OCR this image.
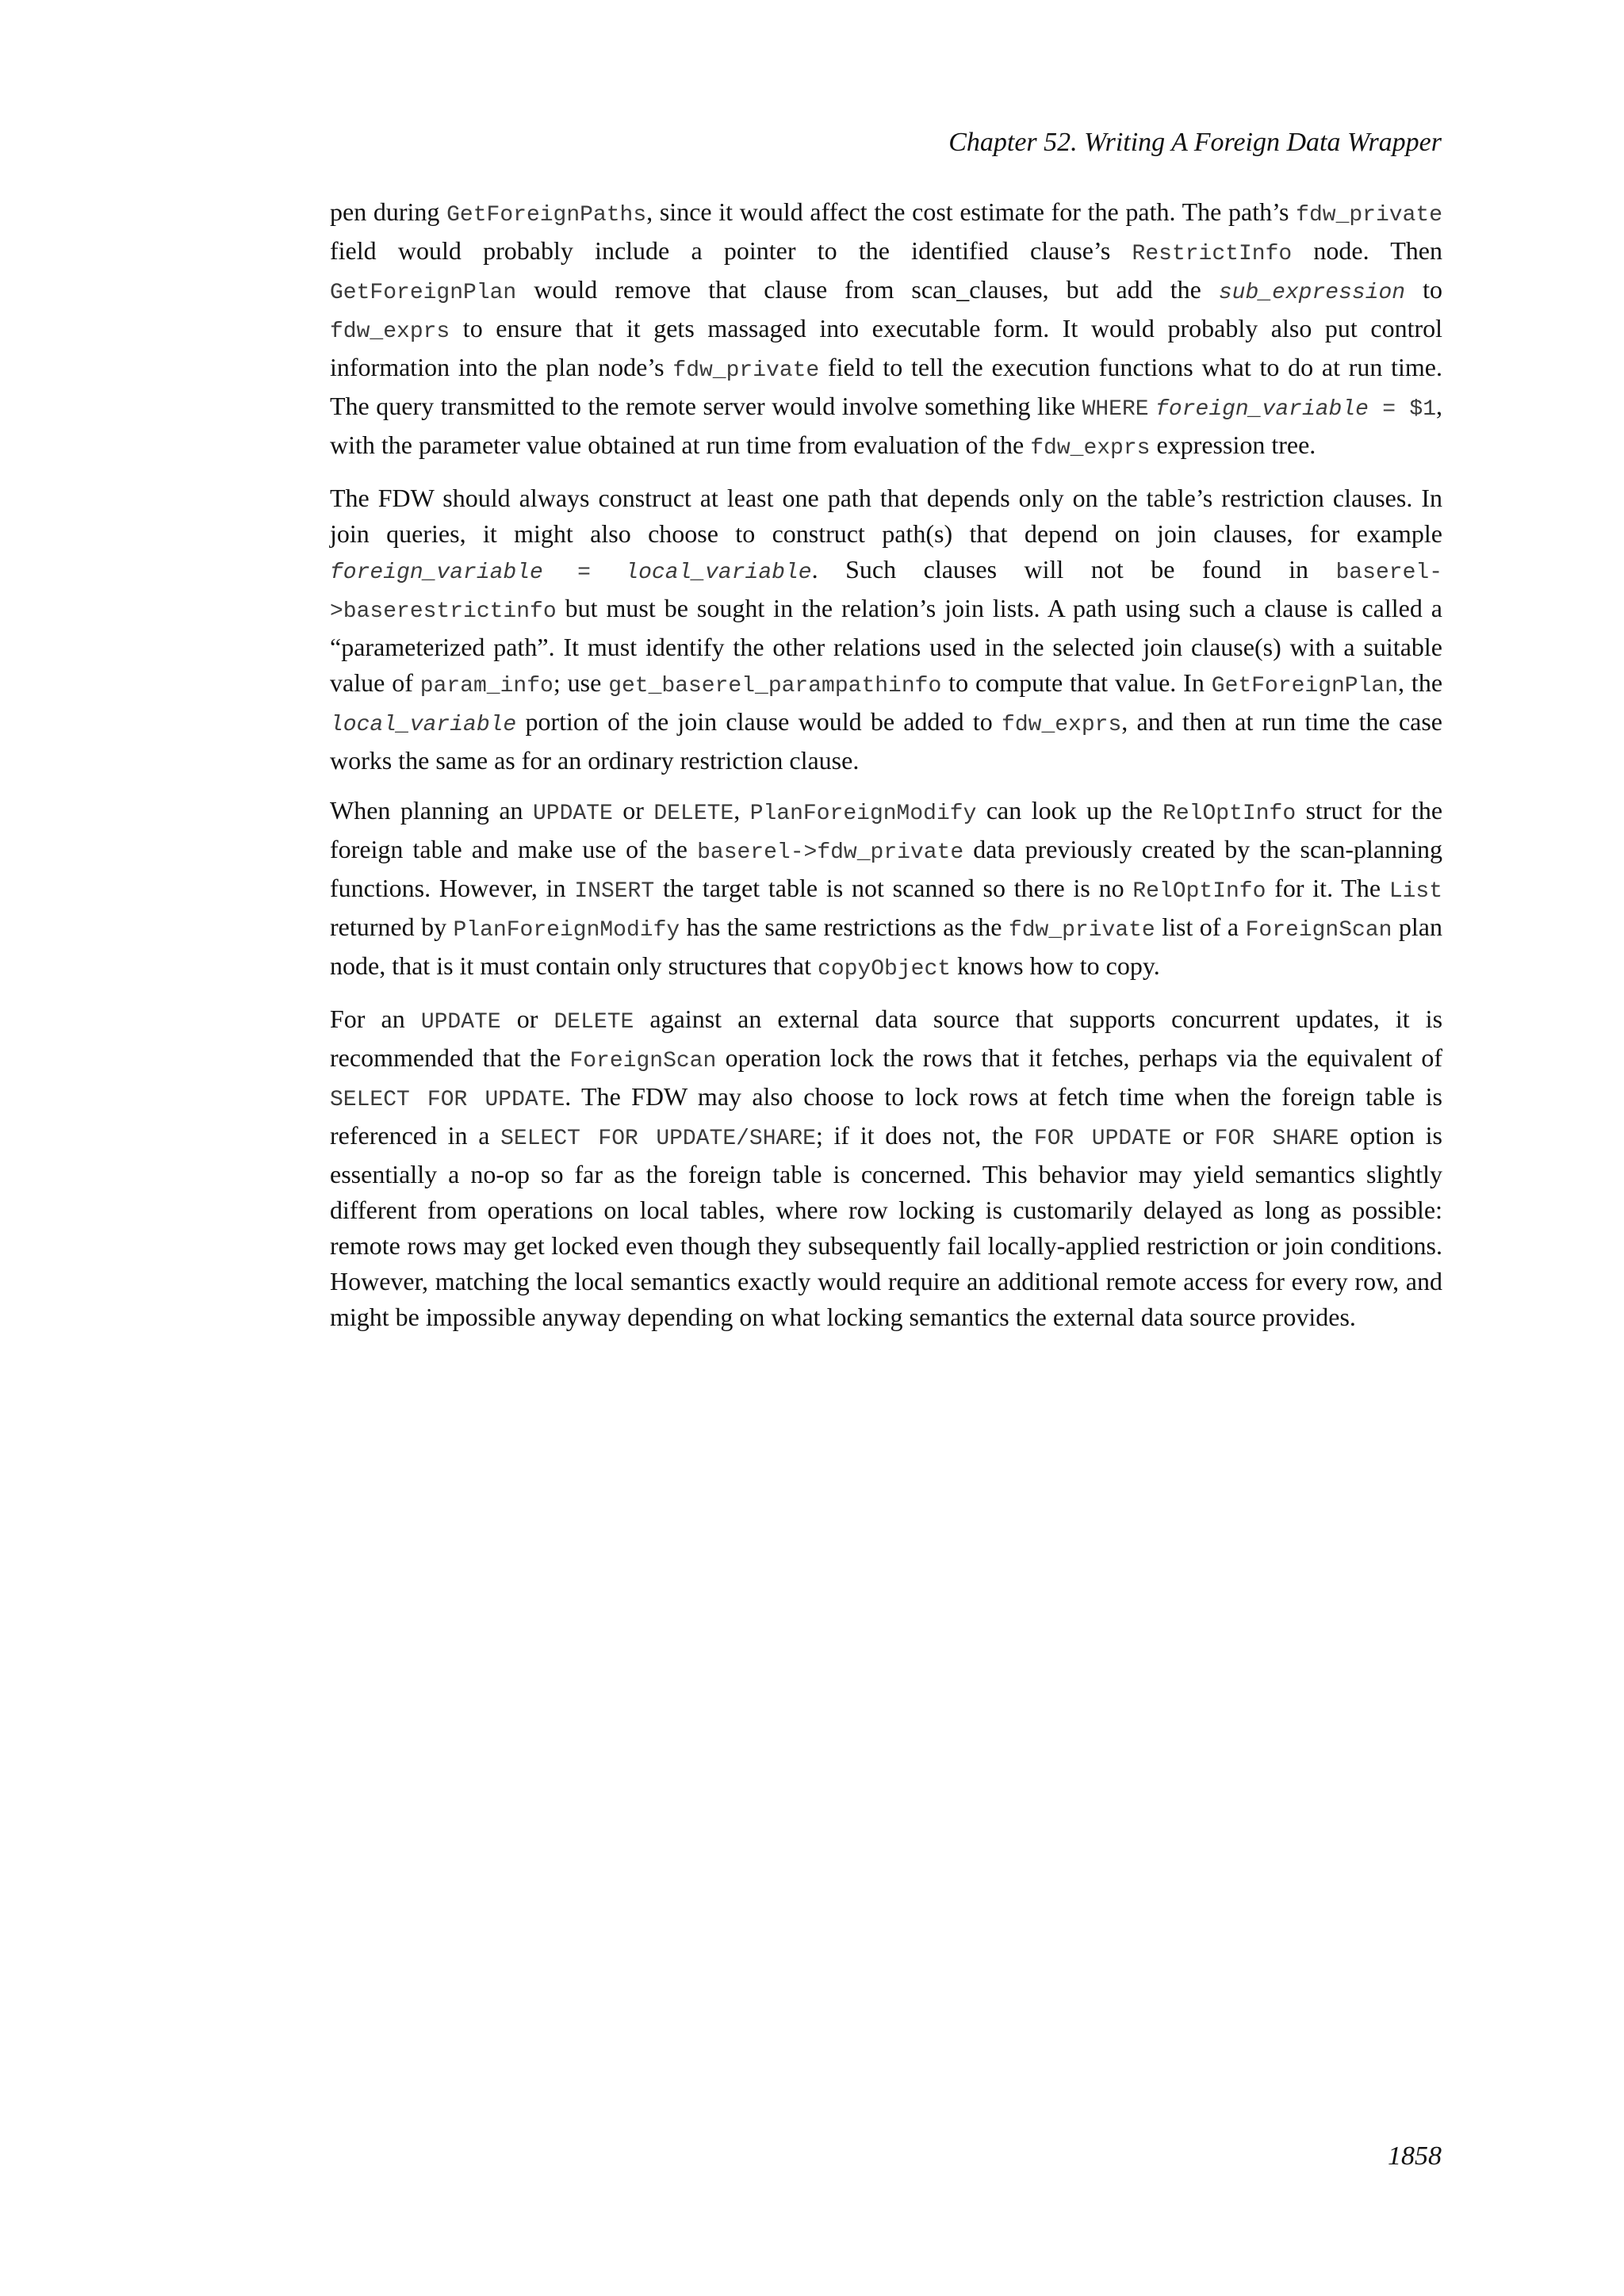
Chapter 52. Writing A Foreign Data Wrapper

pen during GetForeignPaths, since it would affect the cost estimate for the path. The path’s fdw_private field would probably include a pointer to the identified clause’s RestrictInfo node. Then GetForeignPlan would remove that clause from scan_clauses, but add the sub_expression to fdw_exprs to ensure that it gets massaged into executable form. It would probably also put control information into the plan node’s fdw_private field to tell the execution functions what to do at run time. The query transmitted to the remote server would involve something like WHERE foreign_variable = $1, with the parameter value obtained at run time from evaluation of the fdw_exprs expression tree.

The FDW should always construct at least one path that depends only on the table’s restriction clauses. In join queries, it might also choose to construct path(s) that depend on join clauses, for example foreign_variable = local_variable. Such clauses will not be found in baserel->baserestrictinfo but must be sought in the relation’s join lists. A path using such a clause is called a “parameterized path”. It must identify the other relations used in the selected join clause(s) with a suitable value of param_info; use get_baserel_parampathinfo to compute that value. In GetForeignPlan, the local_variable portion of the join clause would be added to fdw_exprs, and then at run time the case works the same as for an ordinary restriction clause.

When planning an UPDATE or DELETE, PlanForeignModify can look up the RelOptInfo struct for the foreign table and make use of the baserel->fdw_private data previously created by the scan-planning functions. However, in INSERT the target table is not scanned so there is no RelOptInfo for it. The List returned by PlanForeignModify has the same restrictions as the fdw_private list of a ForeignScan plan node, that is it must contain only structures that copyObject knows how to copy.

For an UPDATE or DELETE against an external data source that supports concurrent updates, it is recommended that the ForeignScan operation lock the rows that it fetches, perhaps via the equivalent of SELECT FOR UPDATE. The FDW may also choose to lock rows at fetch time when the foreign table is referenced in a SELECT FOR UPDATE/SHARE; if it does not, the FOR UPDATE or FOR SHARE option is essentially a no-op so far as the foreign table is concerned. This behavior may yield semantics slightly different from operations on local tables, where row locking is customarily delayed as long as possible: remote rows may get locked even though they subsequently fail locally-applied restriction or join conditions. However, matching the local semantics exactly would require an additional remote access for every row, and might be impossible anyway depending on what locking semantics the external data source provides.

1858
